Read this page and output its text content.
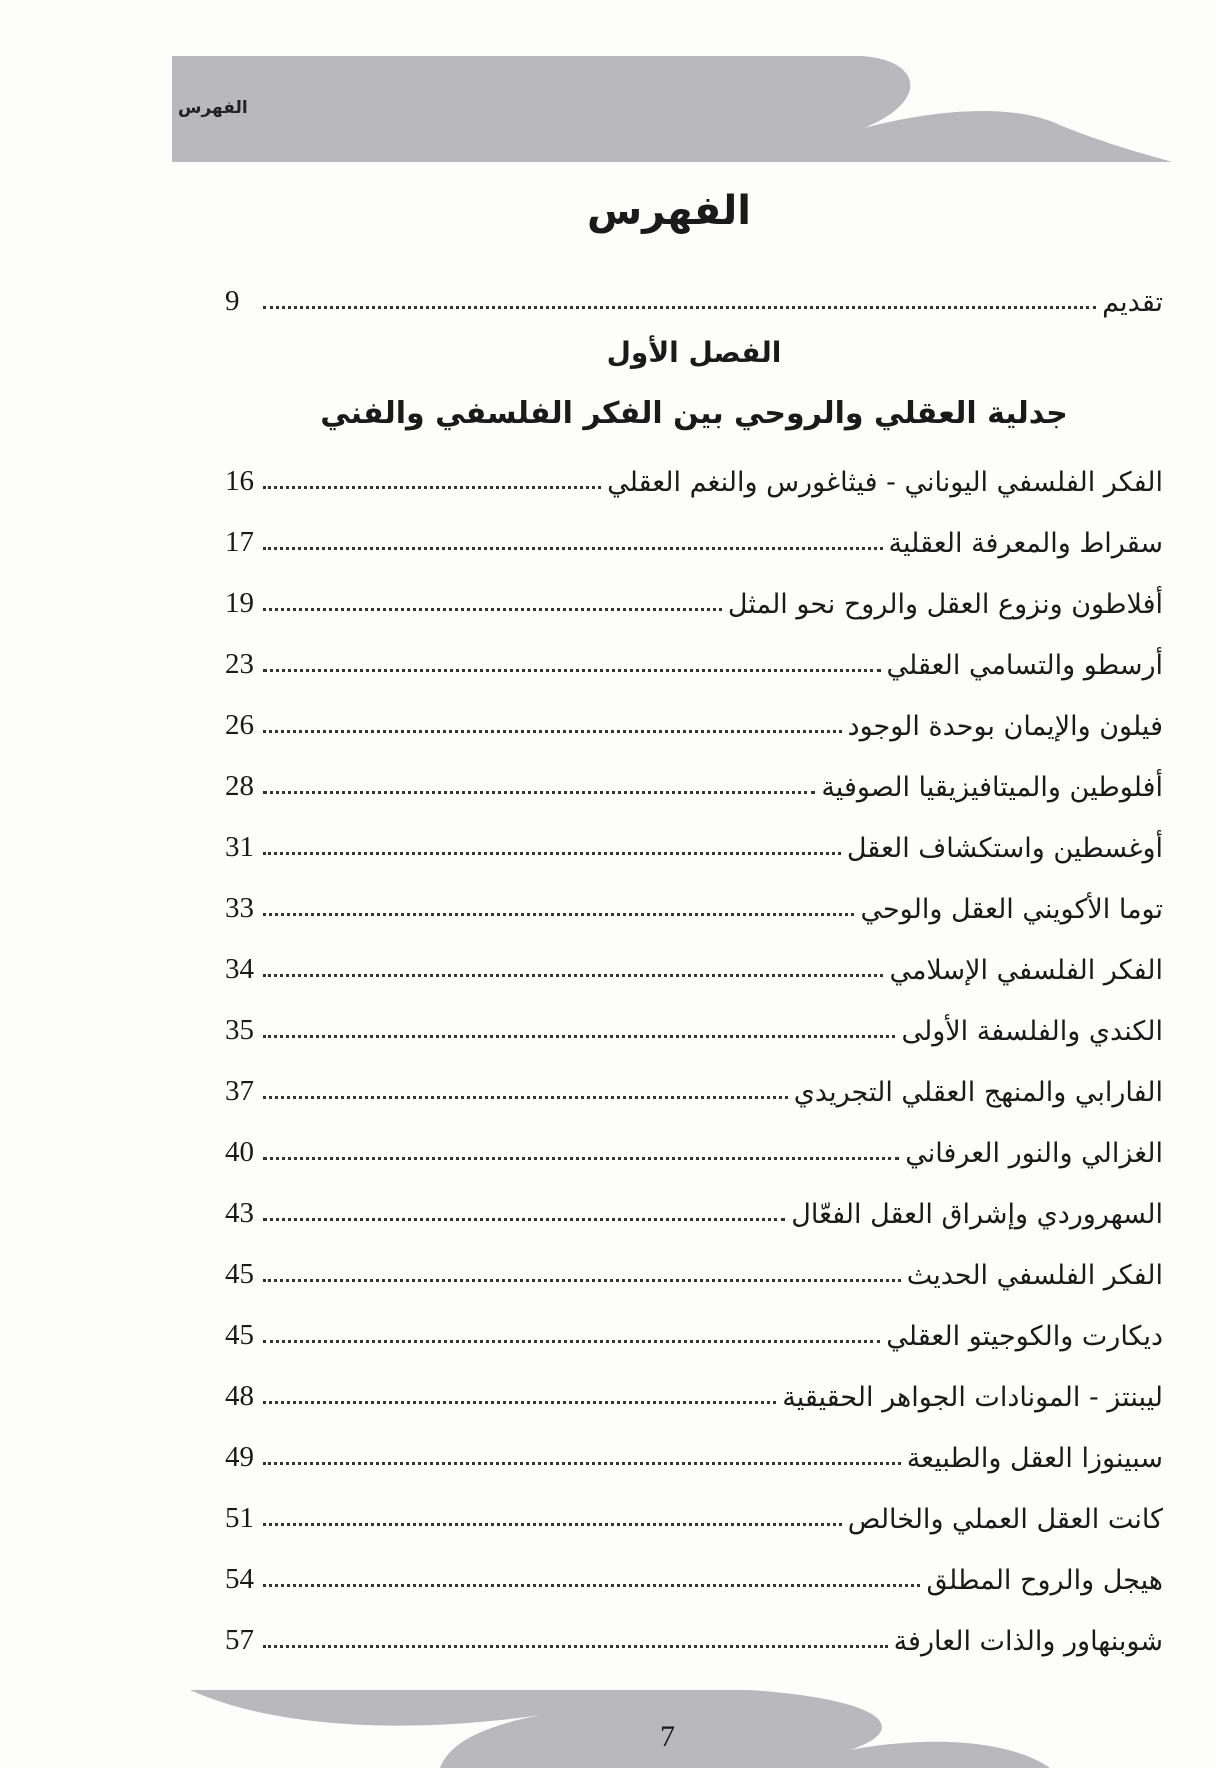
الفهرس
الفهرس
تقديم
9
الفصل الأول
جدلية العقلي والروحي بين الفكر الفلسفي والفني
الفكر الفلسفي اليوناني - فيثاغورس والنغم العقلي
16
سقراط والمعرفة العقلية
17
أفلاطون ونزوع العقل والروح نحو المثل
19
أرسطو والتسامي العقلي
23
فيلون والإيمان بوحدة الوجود
26
أفلوطين والميتافيزيقيا الصوفية
28
أوغسطين واستكشاف العقل
31
توما الأكويني العقل والوحي
33
الفكر الفلسفي الإسلامي
34
الكندي والفلسفة الأولى
35
الفارابي والمنهج العقلي التجريدي
37
الغزالي والنور العرفاني
40
السهروردي وإشراق العقل الفعّال
43
الفكر الفلسفي الحديث
45
ديكارت والكوجيتو العقلي
45
ليبنتز - المونادات الجواهر الحقيقية
48
سبينوزا العقل والطبيعة
49
كانت العقل العملي والخالص
51
هيجل والروح المطلق
54
شوبنهاور والذات العارفة
57
7
